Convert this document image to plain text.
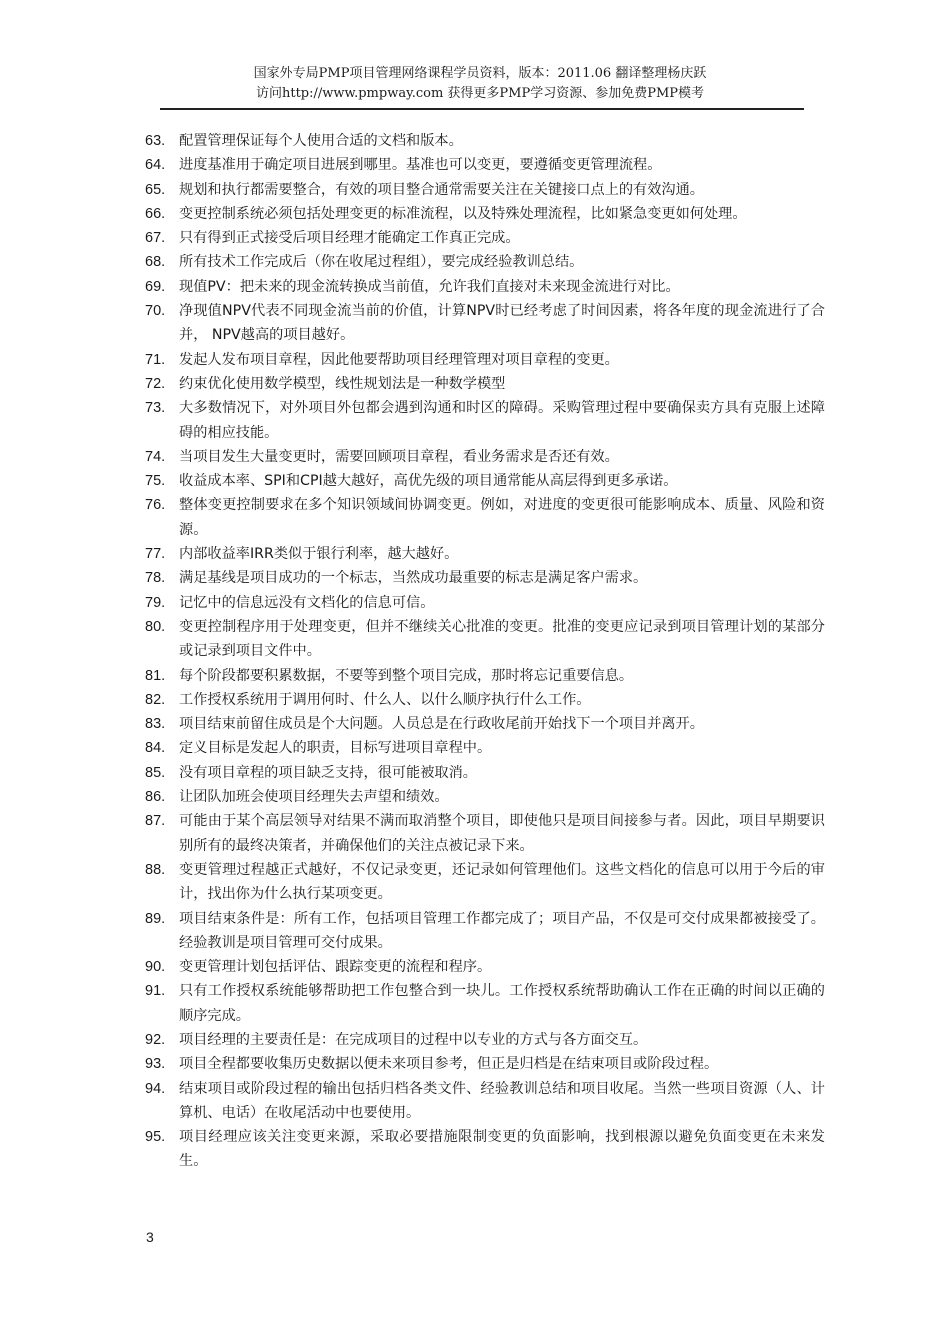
国家外专局PMP项目管理网络课程学员资料，版本：2011.06 翻译整理杨庆跃
访问http://www.pmpway.com 获得更多PMP学习资源、参加免费PMP模考
63. 配置管理保证每个人使用合适的文档和版本。
64. 进度基准用于确定项目进展到哪里。基准也可以变更，要遵循变更管理流程。
65. 规划和执行都需要整合，有效的项目整合通常需要关注在关键接口点上的有效沟通。
66. 变更控制系统必须包括处理变更的标准流程，以及特殊处理流程，比如紧急变更如何处理。
67. 只有得到正式接受后项目经理才能确定工作真正完成。
68. 所有技术工作完成后（你在收尾过程组），要完成经验教训总结。
69. 现值PV：把未来的现金流转换成当前值，允许我们直接对未来现金流进行对比。
70. 净现值NPV代表不同现金流当前的价值，计算NPV时已经考虑了时间因素，将各年度的现金流进行了合并， NPV越高的项目越好。
71. 发起人发布项目章程，因此他要帮助项目经理管理对项目章程的变更。
72. 约束优化使用数学模型，线性规划法是一种数学模型
73. 大多数情况下，对外项目外包都会遇到沟通和时区的障碍。采购管理过程中要确保卖方具有克服上述障碍的相应技能。
74. 当项目发生大量变更时，需要回顾项目章程，看业务需求是否还有效。
75. 收益成本率、SPI和CPI越大越好，高优先级的项目通常能从高层得到更多承诺。
76. 整体变更控制要求在多个知识领域间协调变更。例如，对进度的变更很可能影响成本、质量、风险和资源。
77. 内部收益率IRR类似于银行利率，越大越好。
78. 满足基线是项目成功的一个标志，当然成功最重要的标志是满足客户需求。
79. 记忆中的信息远没有文档化的信息可信。
80. 变更控制程序用于处理变更，但并不继续关心批准的变更。批准的变更应记录到项目管理计划的某部分或记录到项目文件中。
81. 每个阶段都要积累数据，不要等到整个项目完成，那时将忘记重要信息。
82. 工作授权系统用于调用何时、什么人、以什么顺序执行什么工作。
83. 项目结束前留住成员是个大问题。人员总是在行政收尾前开始找下一个项目并离开。
84. 定义目标是发起人的职责，目标写进项目章程中。
85. 没有项目章程的项目缺乏支持，很可能被取消。
86. 让团队加班会使项目经理失去声望和绩效。
87. 可能由于某个高层领导对结果不满而取消整个项目，即使他只是项目间接参与者。因此，项目早期要识别所有的最终决策者，并确保他们的关注点被记录下来。
88. 变更管理过程越正式越好，不仅记录变更，还记录如何管理他们。这些文档化的信息可以用于今后的审计，找出你为什么执行某项变更。
89. 项目结束条件是：所有工作，包括项目管理工作都完成了；项目产品，不仅是可交付成果都被接受了。经验教训是项目管理可交付成果。
90. 变更管理计划包括评估、跟踪变更的流程和程序。
91. 只有工作授权系统能够帮助把工作包整合到一块儿。工作授权系统帮助确认工作在正确的时间以正确的顺序完成。
92. 项目经理的主要责任是：在完成项目的过程中以专业的方式与各方面交互。
93. 项目全程都要收集历史数据以便未来项目参考，但正是归档是在结束项目或阶段过程。
94. 结束项目或阶段过程的输出包括归档各类文件、经验教训总结和项目收尾。当然一些项目资源（人、计算机、电话）在收尾活动中也要使用。
95. 项目经理应该关注变更来源，采取必要措施限制变更的负面影响，找到根源以避免负面变更在未来发生。
3
